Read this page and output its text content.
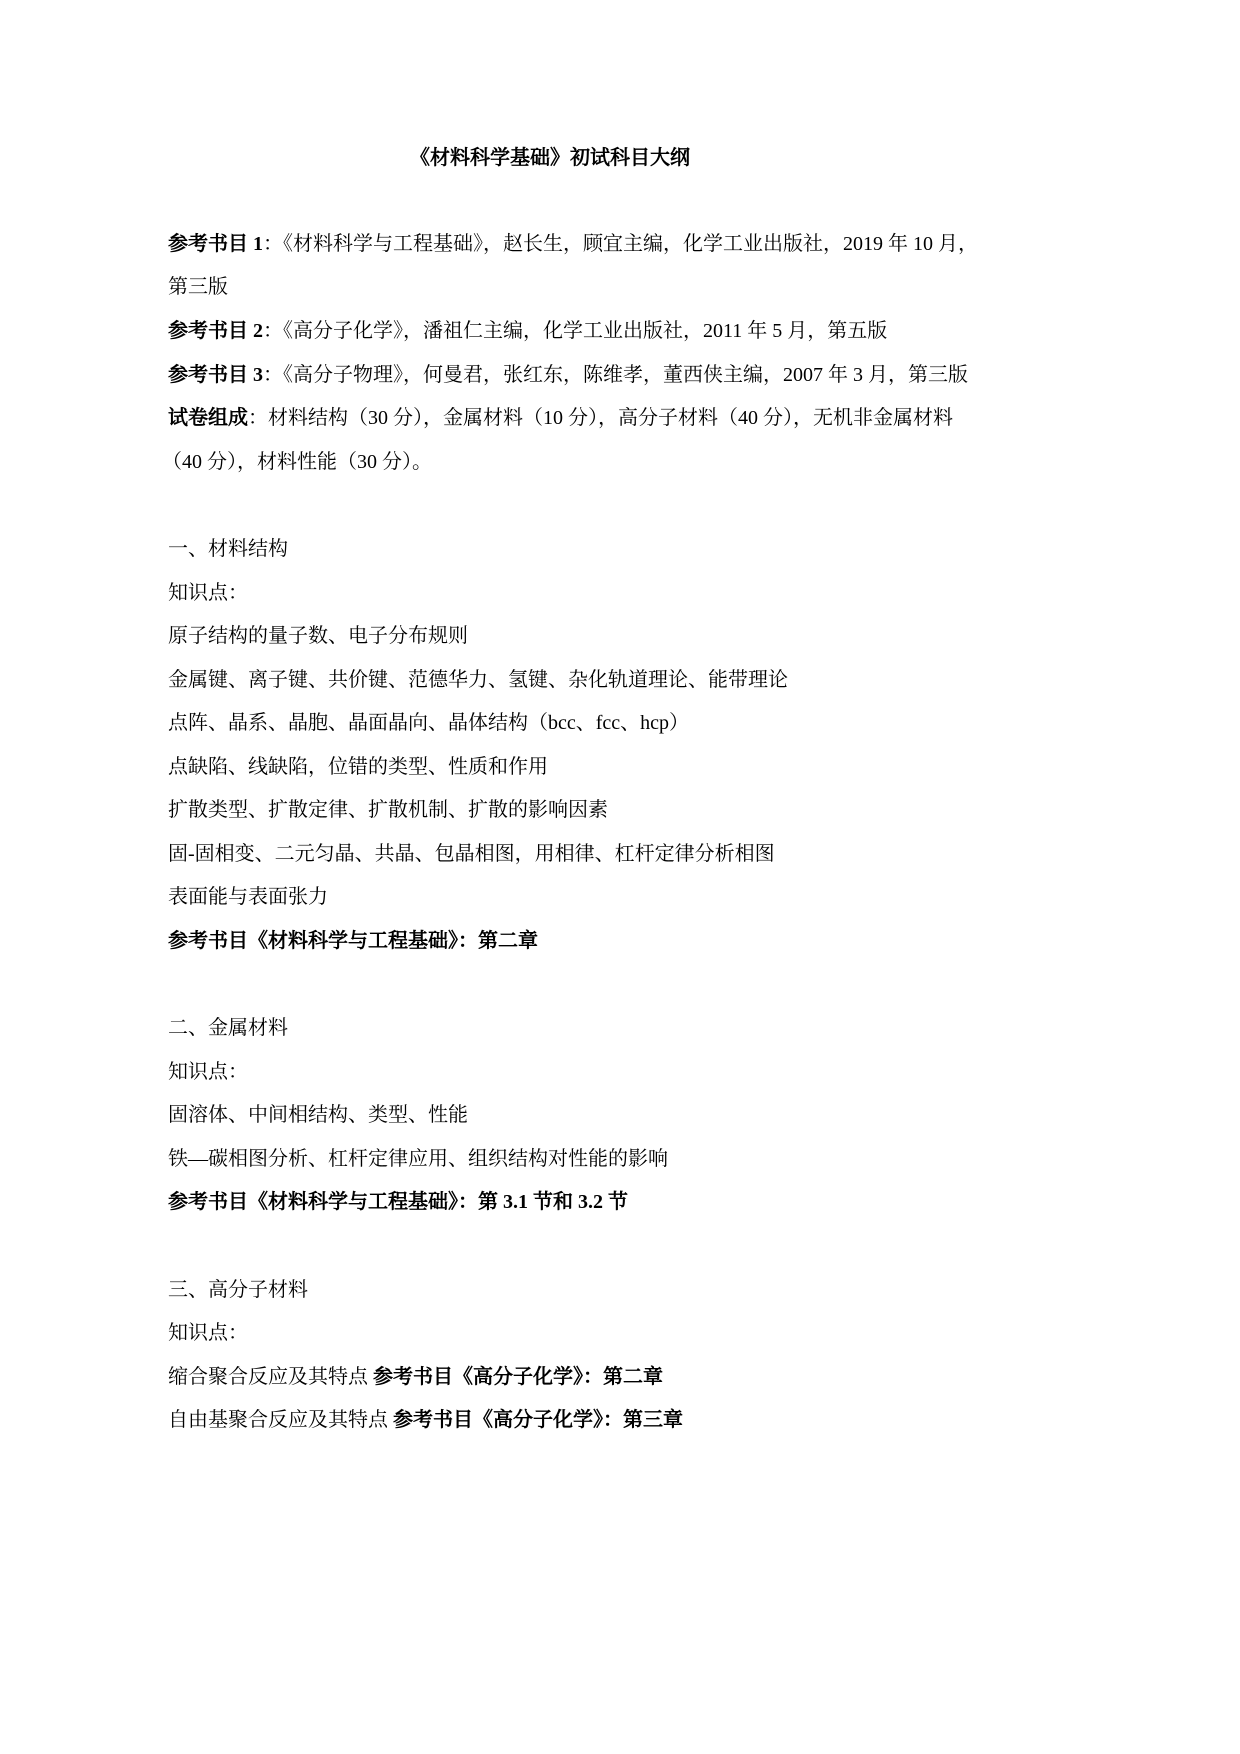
《材料科学基础》初试科目大纲
参考书目 1：《材料科学与工程基础》，赵长生，顾宜主编，化学工业出版社，2019 年 10 月，
第三版
参考书目 2：《高分子化学》，潘祖仁主编，化学工业出版社，2011 年 5 月，第五版
参考书目 3：《高分子物理》，何曼君，张红东，陈维孝，董西侠主编，2007 年 3 月，第三版
试卷组成：材料结构（30 分），金属材料（10 分），高分子材料（40 分），无机非金属材料
（40 分），材料性能（30 分）。
一、材料结构
知识点：
原子结构的量子数、电子分布规则
金属键、离子键、共价键、范德华力、氢键、杂化轨道理论、能带理论
点阵、晶系、晶胞、晶面晶向、晶体结构（bcc、fcc、hcp）
点缺陷、线缺陷，位错的类型、性质和作用
扩散类型、扩散定律、扩散机制、扩散的影响因素
固-固相变、二元匀晶、共晶、包晶相图，用相律、杠杆定律分析相图
表面能与表面张力
参考书目《材料科学与工程基础》：第二章
二、金属材料
知识点：
固溶体、中间相结构、类型、性能
铁—碳相图分析、杠杆定律应用、组织结构对性能的影响
参考书目《材料科学与工程基础》：第 3.1 节和 3.2 节
三、高分子材料
知识点：
缩合聚合反应及其特点 参考书目《高分子化学》：第二章
自由基聚合反应及其特点 参考书目《高分子化学》：第三章
